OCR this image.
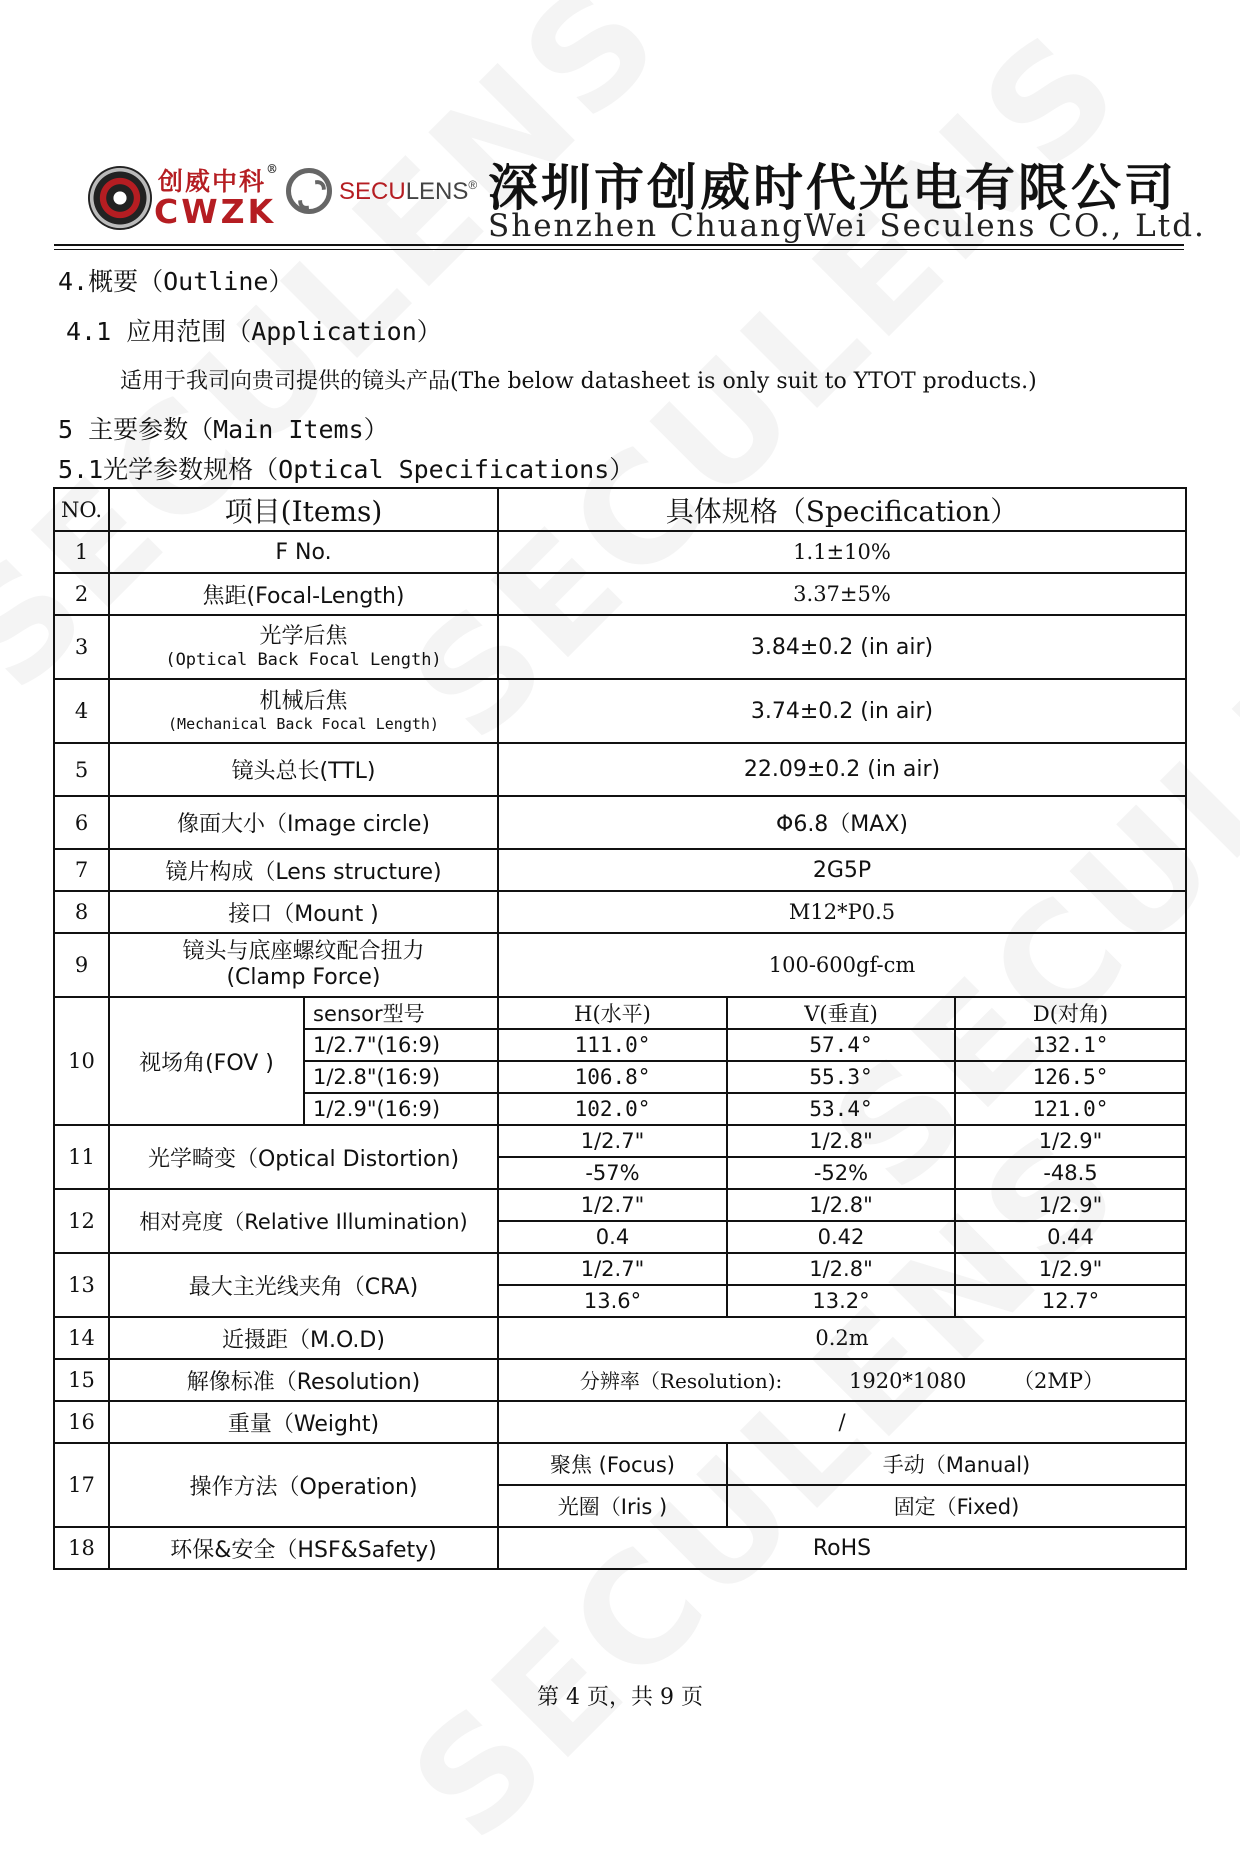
创威中科®
CWZK
SECULENS® 深圳市创威时代光电有限公司
Shenzhen ChuangWei Seculens CO., Ltd.
4.概要（Outline）
4.1 应用范围（Application）
适用于我司向贵司提供的镜头产品(The below datasheet is only suit to YTOT products.)
5 主要参数（Main Items）
5.1光学参数规格（Optical Specifications）
NO.	项目(Items)		具体规格（Specification）		
1	F No.		1.1±10%		
2	焦距(Focal-Length)		3.37±5%		
3	光学后焦
(Optical Back Focal Length)		3.84±0.2 (in air)		
4	机械后焦
(Mechanical Back Focal Length)		3.74±0.2 (in air)		
5	镜头总长(TTL)		22.09±0.2 (in air)		
6	像面大小（Image circle)		Φ6.8（MAX)		
7	镜片构成（Lens structure)		2G5P		
8	接口（Mount )		M12*P0.5		
9	镜头与底座螺纹配合扭力
(Clamp Force)		100-600gf-cm		
10	视场角(FOV )	sensor型号	H(水平)	V(垂直)	D(对角)
		1/2.7"(16:9)	111.0°	57.4°	132.1°
		1/2.8"(16:9)	106.8°	55.3°	126.5°
		1/2.9"(16:9)	102.0°	53.4°	121.0°
11	光学畸变（Optical Distortion)		1/2.7"	1/2.8"	1/2.9"
			-57%	-52%	-48.5
12	相对亮度（Relative Illumination)		1/2.7"	1/2.8"	1/2.9"
			0.4	0.42	0.44
13	最大主光线夹角（CRA)		1/2.7"	1/2.8"	1/2.9"
			13.6°	13.2°	12.7°
14	近摄距（M.O.D)		0.2m		
15	解像标准（Resolution)		分辨率（Resolution): 1920*1080 （2MP）		
16	重量（Weight)		/		
17	操作方法（Operation)		聚焦 (Focus)	手动（Manual)	
			光圈（Iris )	固定（Fixed)	
18	环保&安全（HSF&Safety)		RoHS		
第 4 页，共 9 页
